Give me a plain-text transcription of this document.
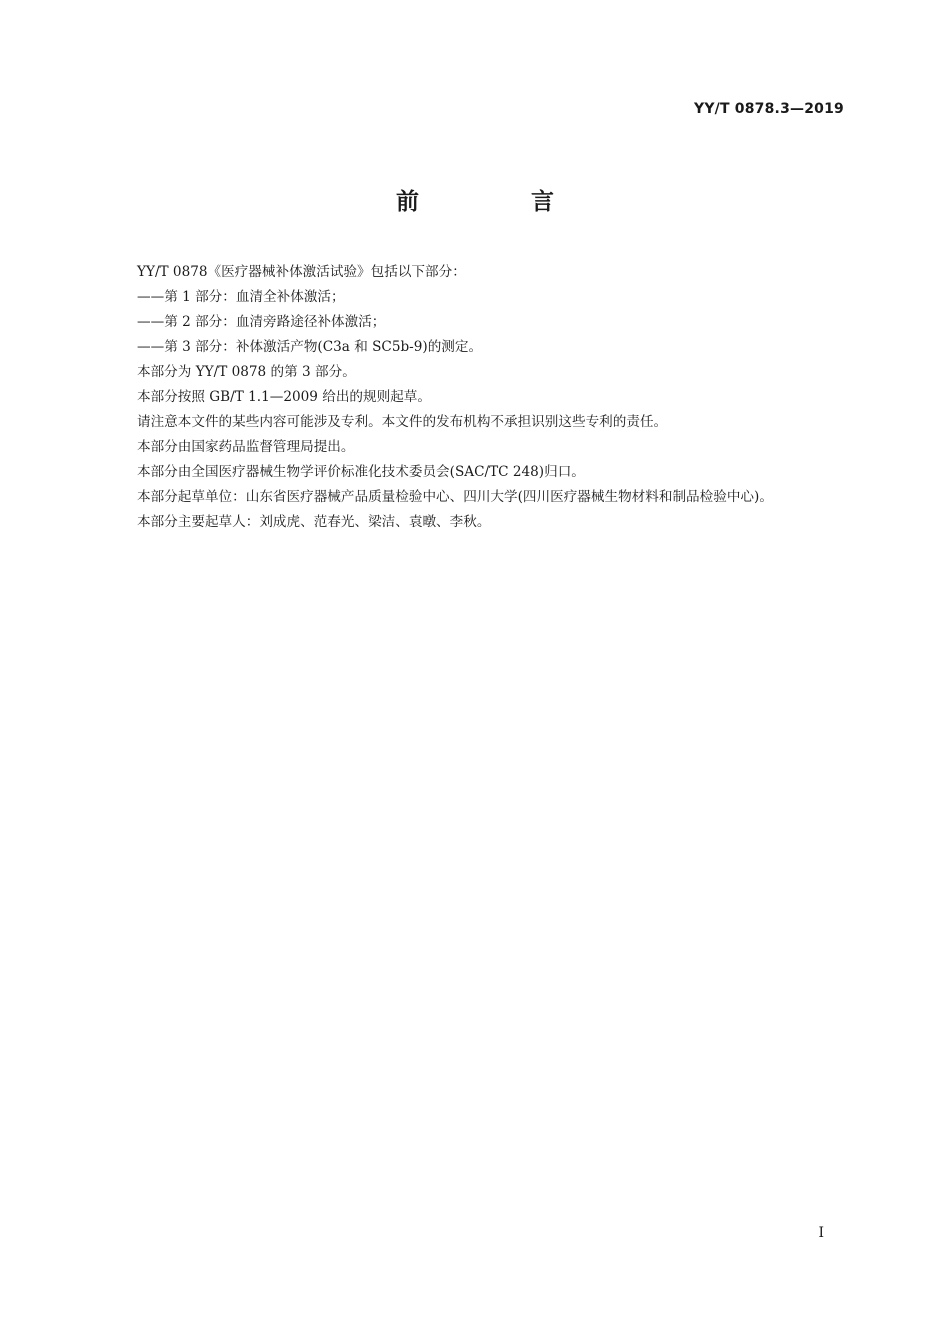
YY/T 0878.3—2019
前 言

YY/T 0878《医疗器械补体激活试验》包括以下部分：

——第 1 部分：血清全补体激活；

——第 2 部分：血清旁路途径补体激活；

——第 3 部分：补体激活产物(C3a 和 SC5b-9)的测定。

本部分为 YY/T 0878 的第 3 部分。

本部分按照 GB/T 1.1—2009 给出的规则起草。

请注意本文件的某些内容可能涉及专利。本文件的发布机构不承担识别这些专利的责任。

本部分由国家药品监督管理局提出。

本部分由全国医疗器械生物学评价标准化技术委员会(SAC/TC 248)归口。

本部分起草单位：山东省医疗器械产品质量检验中心、四川大学(四川医疗器械生物材料和制品检验中心)。

本部分主要起草人：刘成虎、范春光、梁洁、袁暾、李秋。

I
